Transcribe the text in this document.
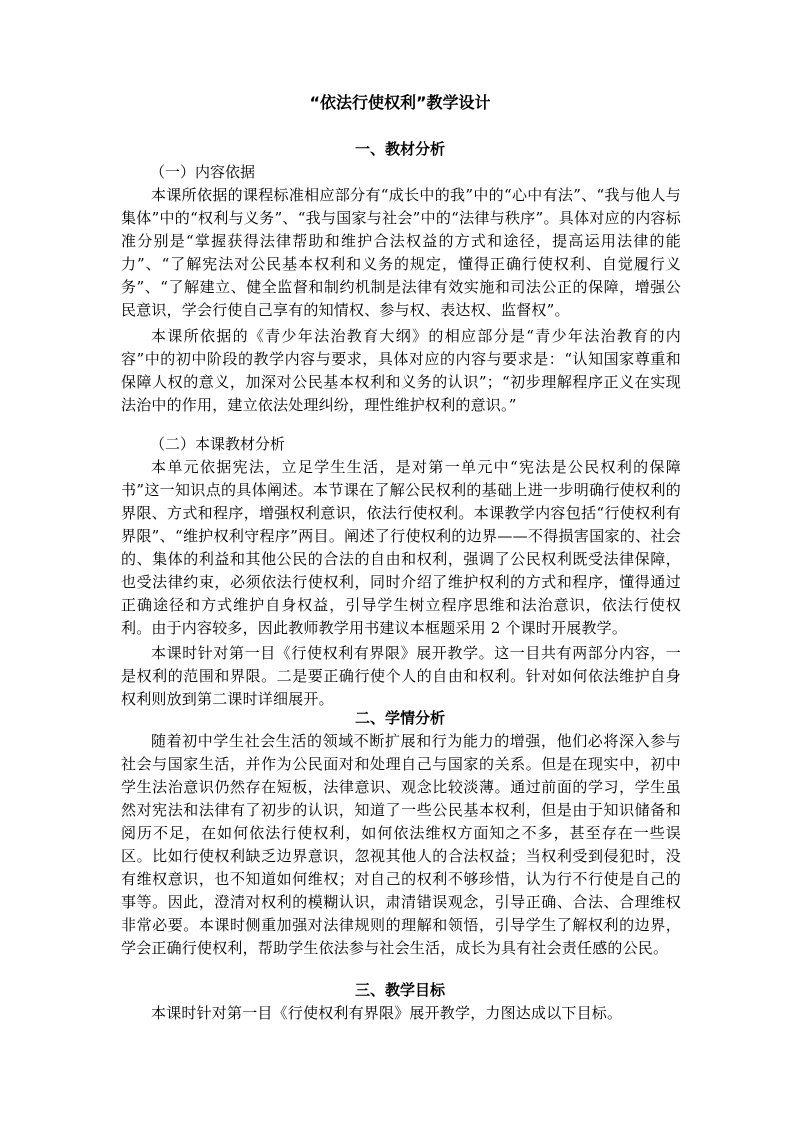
“依法行使权利”教学设计
一、教材分析
（一）内容依据
本课所依据的课程标准相应部分有“成长中的我”中的“心中有法”、“我与他人与集体”中的“权利与义务”、“我与国家与社会”中的“法律与秩序”。具体对应的内容标准分别是“掌握获得法律帮助和维护合法权益的方式和途径，提高运用法律的能力”、“了解宪法对公民基本权利和义务的规定，懂得正确行使权利、自觉履行义务”、“了解建立、健全监督和制约机制是法律有效实施和司法公正的保障，增强公民意识，学会行使自己享有的知情权、参与权、表达权、监督权”。
本课所依据的《青少年法治教育大纲》的相应部分是“青少年法治教育的内容”中的初中阶段的教学内容与要求，具体对应的内容与要求是：“认知国家尊重和保障人权的意义，加深对公民基本权利和义务的认识”；“初步理解程序正义在实现法治中的作用，建立依法处理纠纷，理性维护权利的意识。”
（二）本课教材分析
本单元依据宪法，立足学生生活，是对第一单元中“宪法是公民权利的保障书”这一知识点的具体阐述。本节课在了解公民权利的基础上进一步明确行使权利的界限、方式和程序，增强权利意识，依法行使权利。本课教学内容包括“行使权利有界限”、“维护权利守程序”两目。阐述了行使权利的边界——不得损害国家的、社会的、集体的利益和其他公民的合法的自由和权利，强调了公民权利既受法律保障，也受法律约束，必须依法行使权利，同时介绍了维护权利的方式和程序，懂得通过正确途径和方式维护自身权益，引导学生树立程序思维和法治意识，依法行使权利。由于内容较多，因此教师教学用书建议本框题采用 2 个课时开展教学。
本课时针对第一目《行使权利有界限》展开教学。这一目共有两部分内容，一是权利的范围和界限。二是要正确行使个人的自由和权利。针对如何依法维护自身权利则放到第二课时详细展开。
二、学情分析
随着初中学生社会生活的领域不断扩展和行为能力的增强，他们必将深入参与社会与国家生活，并作为公民面对和处理自己与国家的关系。但是在现实中，初中学生法治意识仍然存在短板，法律意识、观念比较淡薄。通过前面的学习，学生虽然对宪法和法律有了初步的认识，知道了一些公民基本权利，但是由于知识储备和阅历不足，在如何依法行使权利，如何依法维权方面知之不多，甚至存在一些误区。比如行使权利缺乏边界意识，忽视其他人的合法权益；当权利受到侵犯时，没有维权意识，也不知道如何维权；对自己的权利不够珍惜，认为行不行使是自己的事等。因此，澄清对权利的模糊认识，肃清错误观念，引导正确、合法、合理维权非常必要。本课时侧重加强对法律规则的理解和领悟，引导学生了解权利的边界，学会正确行使权利，帮助学生依法参与社会生活，成长为具有社会责任感的公民。
三、教学目标
本课时针对第一目《行使权利有界限》展开教学，力图达成以下目标。
